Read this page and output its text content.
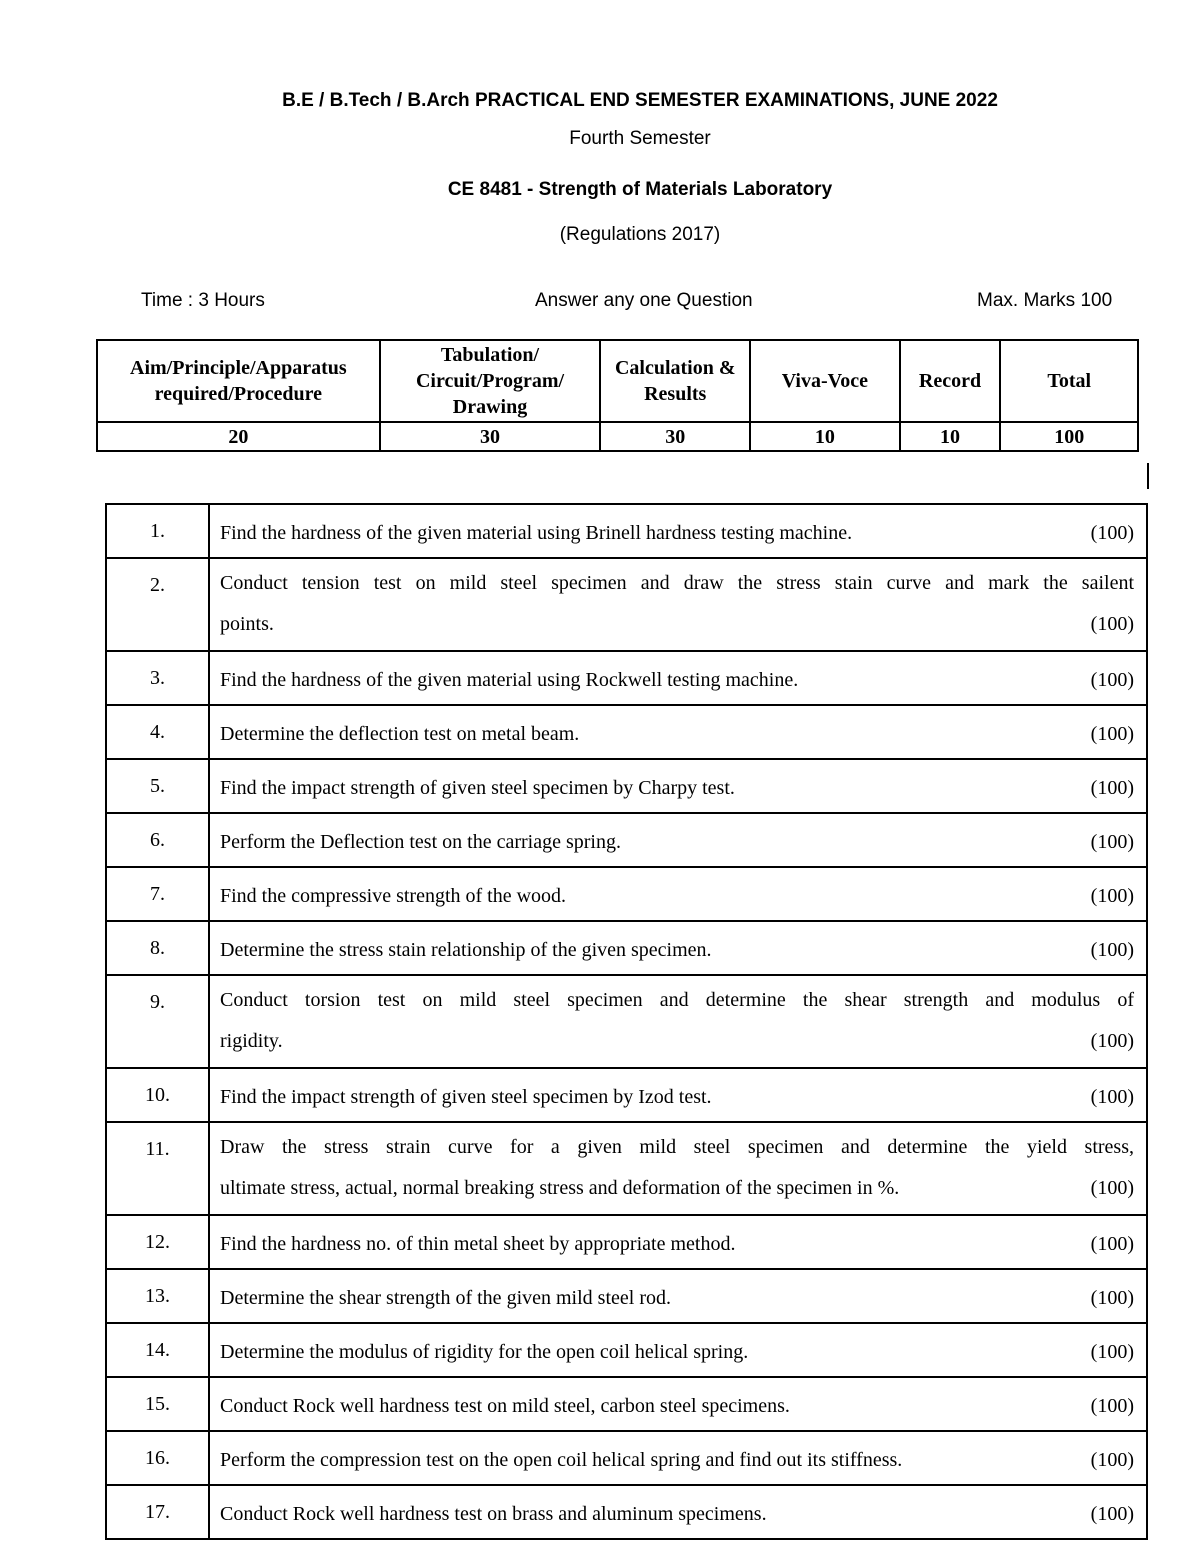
B.E / B.Tech / B.Arch PRACTICAL END SEMESTER EXAMINATIONS, JUNE 2022
Fourth Semester
CE 8481 - Strength of Materials Laboratory
(Regulations 2017)
Time : 3 Hours	Answer any one Question	Max. Marks 100
Aim/Principle/Apparatus required/Procedure	Tabulation/ Circuit/Program/ Drawing	Calculation & Results	Viva-Voce	Record	Total
20	30	30	10	10	100
1.	Find the hardness of the given material using Brinell hardness testing machine. (100)

2.	Conduct tension test on mild steel specimen and draw the stress stain curve and mark the sailent
points. (100)

3.	Find the hardness of the given material using Rockwell testing machine. (100)

4.	Determine the deflection test on metal beam. (100)

5.	Find the impact strength of given steel specimen by Charpy test. (100)

6.	Perform the Deflection test on the carriage spring. (100)

7.	Find the compressive strength of the wood. (100)

8.	Determine the stress stain relationship of the given specimen. (100)

9.	Conduct torsion test on mild steel specimen and determine the shear strength and modulus of
rigidity. (100)

10.	Find the impact strength of given steel specimen by Izod test. (100)

11.	Draw the stress strain curve for a given mild steel specimen and determine the yield stress,
ultimate stress, actual, normal breaking stress and deformation of the specimen in %. (100)

12.	Find the hardness no. of thin metal sheet by appropriate method. (100)

13.	Determine the shear strength of the given mild steel rod. (100)

14.	Determine the modulus of rigidity for the open coil helical spring. (100)

15.	Conduct Rock well hardness test on mild steel, carbon steel specimens. (100)

16.	Perform the compression test on the open coil helical spring and find out its stiffness. (100)

17.	Conduct Rock well hardness test on brass and aluminum specimens. (100)
